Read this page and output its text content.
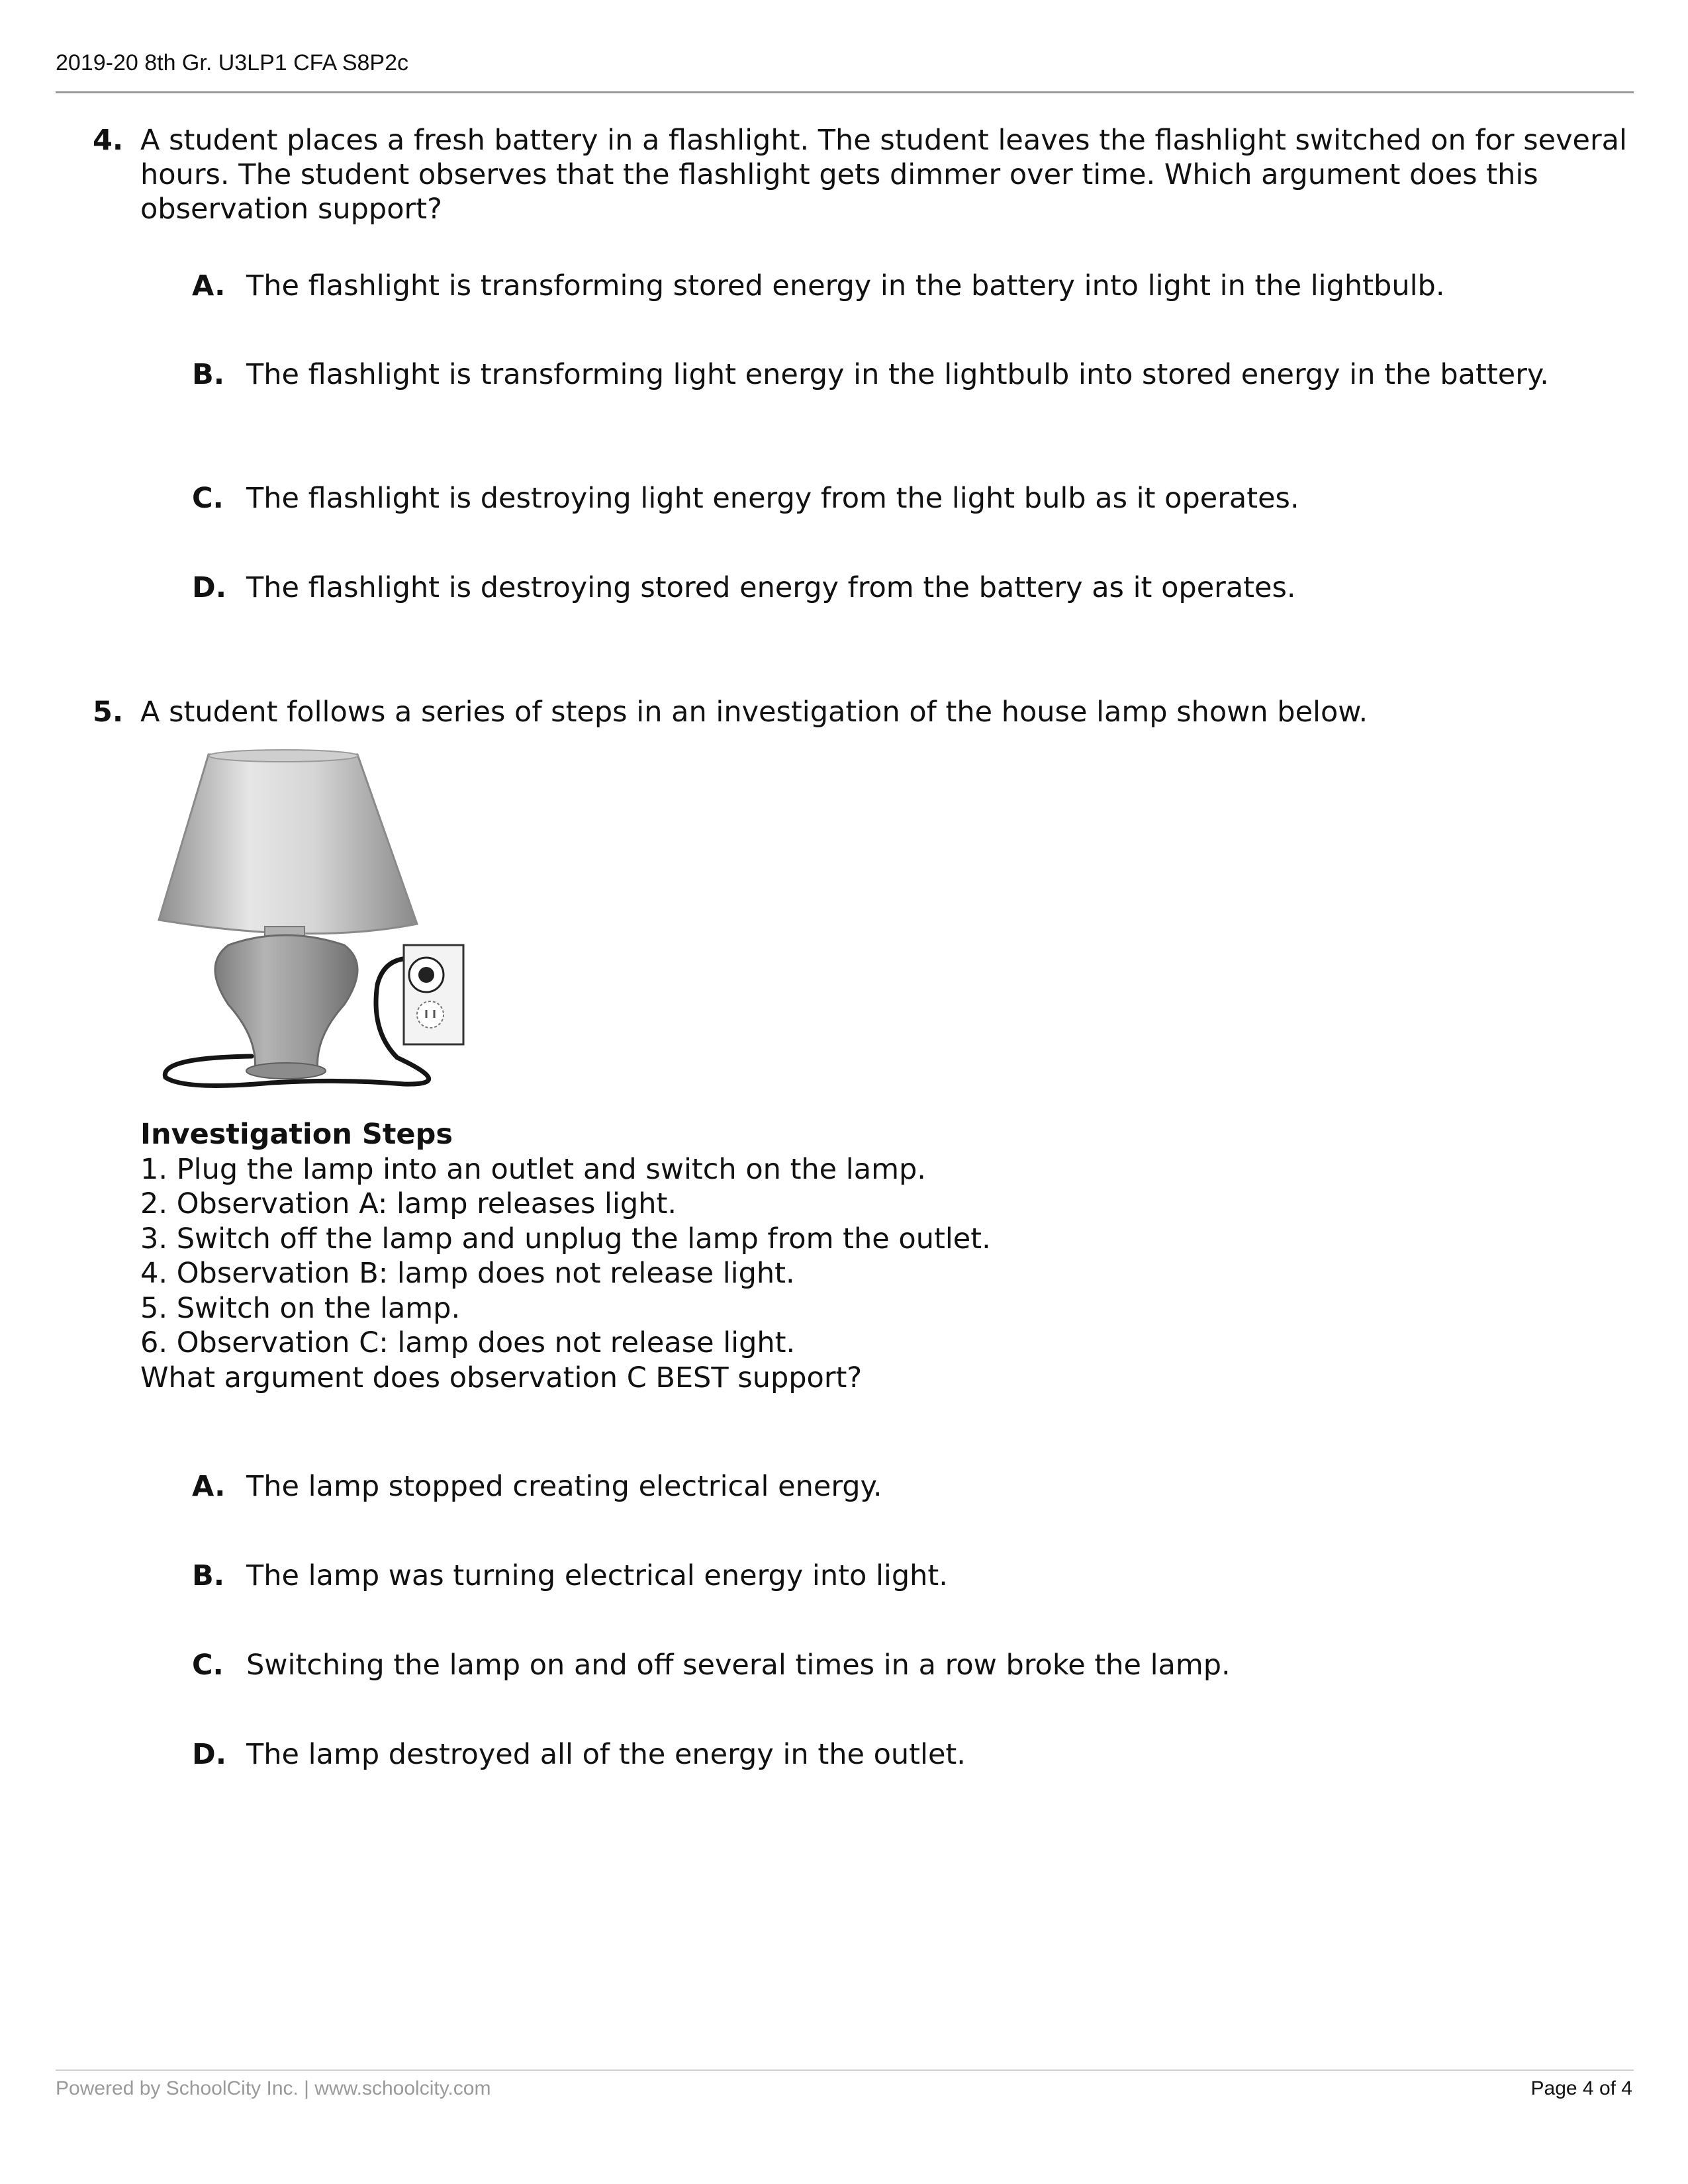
2019-20 8th Gr. U3LP1 CFA S8P2c
4. A student places a fresh battery in a flashlight. The student leaves the flashlight switched on for several hours. The student observes that the flashlight gets dimmer over time. Which argument does this observation support?
A. The flashlight is transforming stored energy in the battery into light in the lightbulb.
B. The flashlight is transforming light energy in the lightbulb into stored energy in the battery.
C. The flashlight is destroying light energy from the light bulb as it operates.
D. The flashlight is destroying stored energy from the battery as it operates.
5. A student follows a series of steps in an investigation of the house lamp shown below.
Investigation Steps
1. Plug the lamp into an outlet and switch on the lamp.
2. Observation A: lamp releases light.
3. Switch off the lamp and unplug the lamp from the outlet.
4. Observation B: lamp does not release light.
5. Switch on the lamp.
6. Observation C: lamp does not release light.
What argument does observation C BEST support?
A. The lamp stopped creating electrical energy.
B. The lamp was turning electrical energy into light.
C. Switching the lamp on and off several times in a row broke the lamp.
D. The lamp destroyed all of the energy in the outlet.
Powered by SchoolCity Inc. | www.schoolcity.com	Page 4 of 4
